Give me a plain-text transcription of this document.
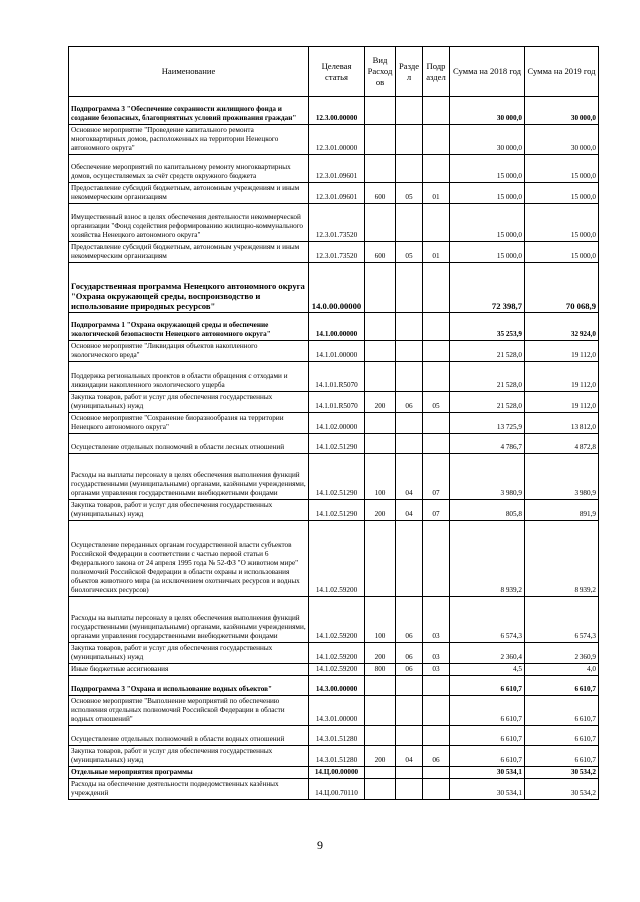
Наименование	Целевая статья	Вид Расход ов	Разде л	Подр аздел	Сумма на 2018 год	Сумма на 2019 год
Подпрограмма 3 "Обеспечение сохранности жилищного фонда и создание безопасных, благоприятных условий проживания граждан"	12.3.00.00000				30 000,0	30 000,0
Основное мероприятие "Проведение капитального ремонта многоквартирных домов, расположенных на территории Ненецкого автономного округа"	12.3.01.00000				30 000,0	30 000,0
Обеспечение мероприятий по капитальному ремонту многоквартирных домов, осуществляемых за счёт средств окружного бюджета	12.3.01.09601				15 000,0	15 000,0
Предоставление субсидий бюджетным, автономным учреждениям и иным некоммерческим организациям	12.3.01.09601	600	05	01	15 000,0	15 000,0
Имущественный взнос в целях обеспечения деятельности некоммерческой организации "Фонд содействия реформированию жилищно-коммунального хозяйства Ненецкого автономного округа"	12.3.01.73520				15 000,0	15 000,0
Предоставление субсидий бюджетным, автономным учреждениям и иным некоммерческим организациям	12.3.01.73520	600	05	01	15 000,0	15 000,0
Государственная программа Ненецкого автономного округа "Охрана окружающей среды, воспроизводство и использование природных ресурсов"	14.0.00.00000				72 398,7	70 068,9
Подпрограмма 1 "Охрана окружающей среды и обеспечение экологической безопасности Ненецкого автономного округа"	14.1.00.00000				35 253,9	32 924,0
Основное мероприятие "Ликвидация объектов накопленного экологического вреда"	14.1.01.00000				21 528,0	19 112,0
Поддержка региональных проектов в области обращения с отходами и ликвидации накопленного экологического ущерба	14.1.01.R5070				21 528,0	19 112,0
Закупка товаров, работ и услуг для обеспечения государственных (муниципальных) нужд	14.1.01.R5070	200	06	05	21 528,0	19 112,0
Основное мероприятие "Сохранение биоразнообразия на территории Ненецкого автономного округа"	14.1.02.00000				13 725,9	13 812,0
Осуществление отдельных полномочий в области лесных отношений	14.1.02.51290				4 786,7	4 872,8
Расходы на выплаты персоналу в целях обеспечения выполнения функций государственными (муниципальными) органами, казёнными учреждениями, органами управления государственными внебюджетными фондами	14.1.02.51290	100	04	07	3 980,9	3 980,9
Закупка товаров, работ и услуг для обеспечения государственных (муниципальных) нужд	14.1.02.51290	200	04	07	805,8	891,9
Осуществление переданных органам государственной власти субъектов Российской Федерации в соответствии с частью первой статьи 6 Федерального закона от 24 апреля 1995 года № 52-ФЗ "О животном мире" полномочий Российской Федерации в области охраны и использования объектов животного мира (за исключением охотничьих ресурсов и водных биологических ресурсов)	14.1.02.59200				8 939,2	8 939,2
Расходы на выплаты персоналу в целях обеспечения выполнения функций государственными (муниципальными) органами, казёнными учреждениями, органами управления государственными внебюджетными фондами	14.1.02.59200	100	06	03	6 574,3	6 574,3
Закупка товаров, работ и услуг для обеспечения государственных (муниципальных) нужд	14.1.02.59200	200	06	03	2 360,4	2 360,9
Иные бюджетные ассигнования	14.1.02.59200	800	06	03	4,5	4,0
Подпрограмма 3 "Охрана и использование водных объектов"	14.3.00.00000				6 610,7	6 610,7
Основное мероприятие "Выполнение мероприятий по обеспечению исполнения отдельных полномочий Российской Федерации в области водных отношений"	14.3.01.00000				6 610,7	6 610,7
Осуществление отдельных полномочий в области водных отношений	14.3.01.51280				6 610,7	6 610,7
Закупка товаров, работ и услуг для обеспечения государственных (муниципальных) нужд	14.3.01.51280	200	04	06	6 610,7	6 610,7
Отдельные мероприятия программы	14.Ц.00.00000				30 534,1	30 534,2
Расходы на обеспечение деятельности подведомственных казённых учреждений	14.Ц.00.70110				30 534,1	30 534,2
9
